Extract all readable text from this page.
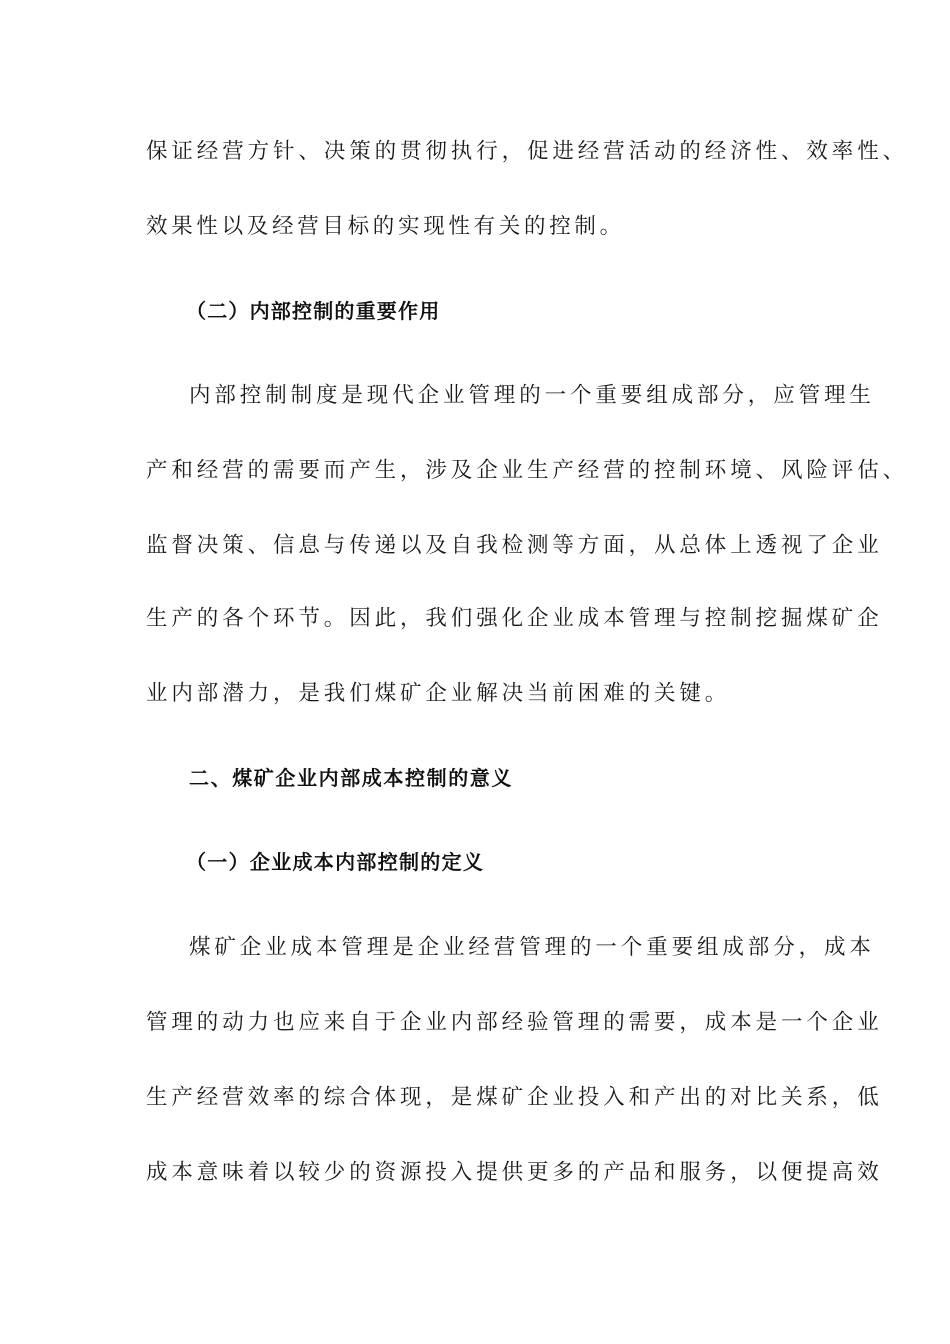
保证经营方针、决策的贯彻执行，促进经营活动的经济性、效率性、
效果性以及经营目标的实现性有关的控制。
（二）内部控制的重要作用
内部控制制度是现代企业管理的一个重要组成部分，应管理生
产和经营的需要而产生，涉及企业生产经营的控制环境、风险评估、
监督决策、信息与传递以及自我检测等方面，从总体上透视了企业
生产的各个环节。因此，我们强化企业成本管理与控制挖掘煤矿企
业内部潜力，是我们煤矿企业解决当前困难的关键。
二、煤矿企业内部成本控制的意义
（一）企业成本内部控制的定义
煤矿企业成本管理是企业经营管理的一个重要组成部分，成本
管理的动力也应来自于企业内部经验管理的需要，成本是一个企业
生产经营效率的综合体现，是煤矿企业投入和产出的对比关系，低
成本意味着以较少的资源投入提供更多的产品和服务，以便提高效
